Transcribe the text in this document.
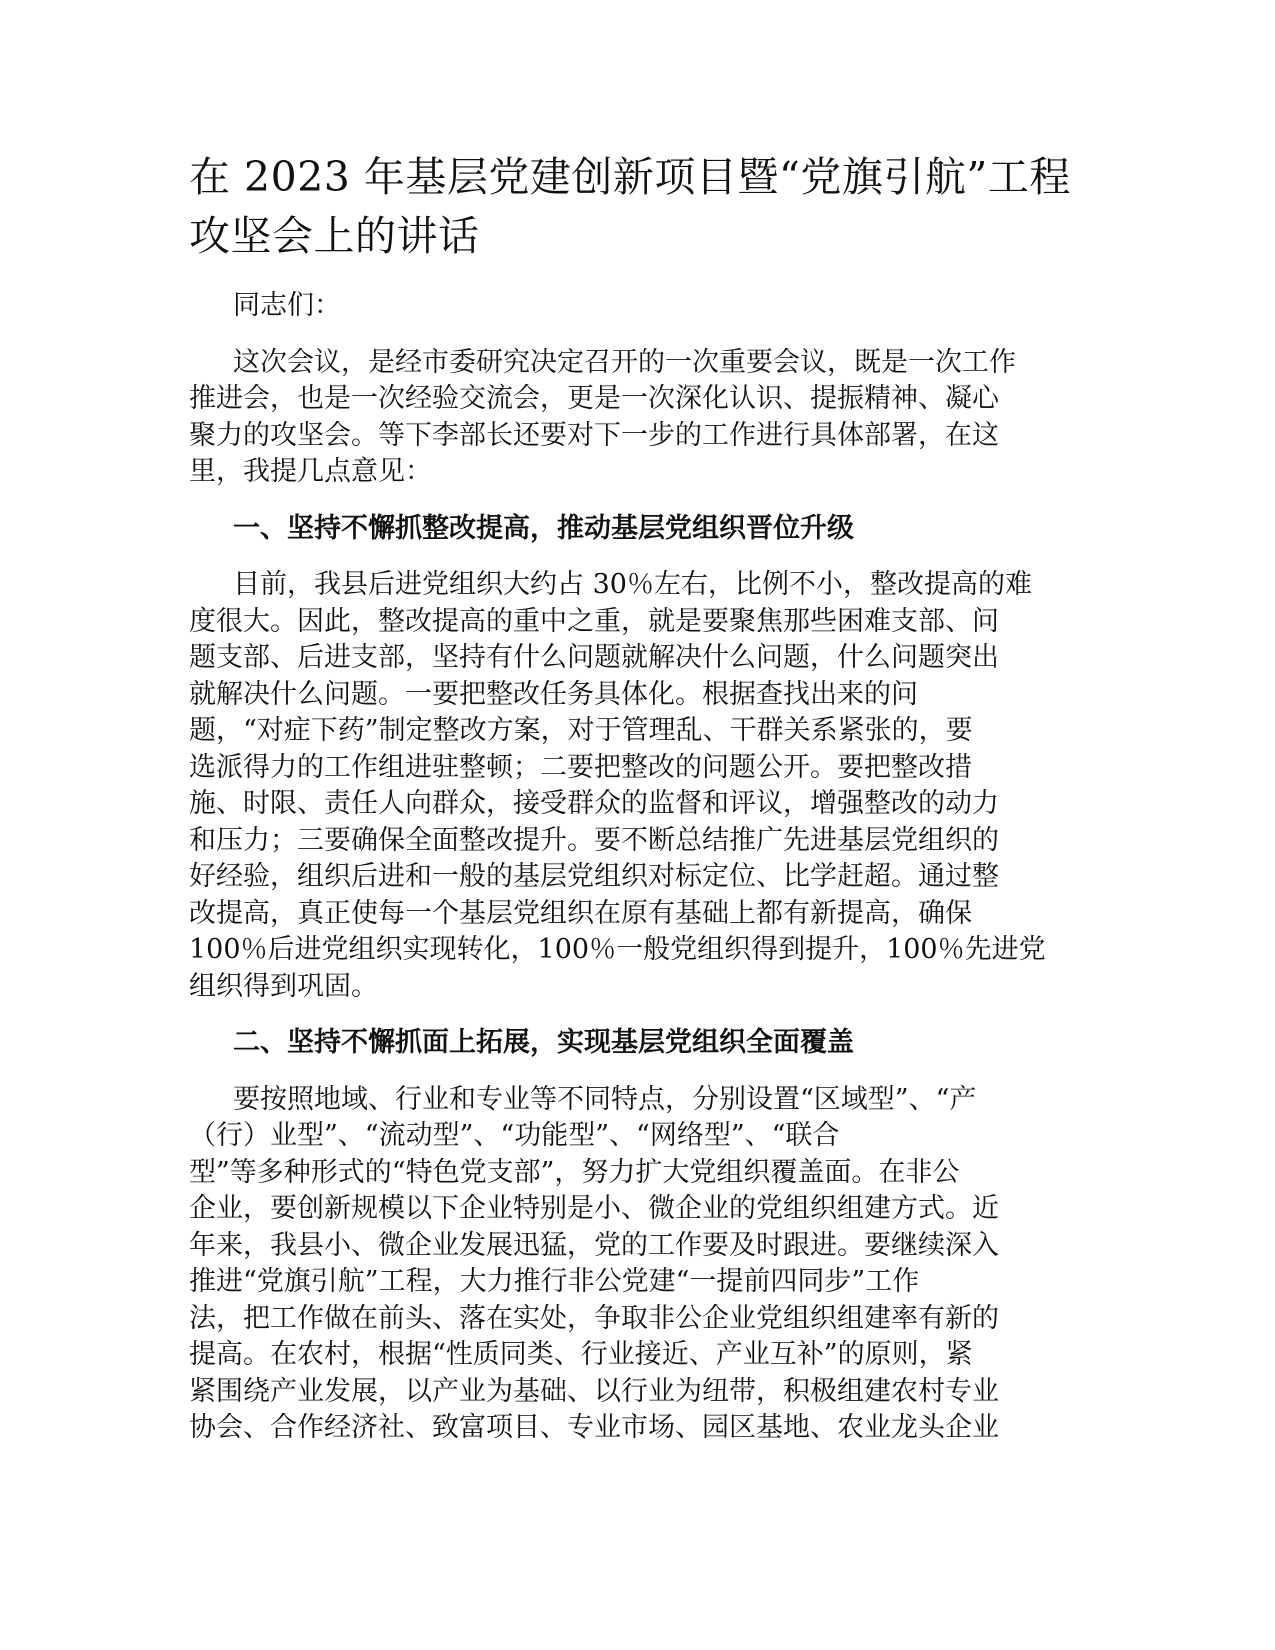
在 2023 年基层党建创新项目暨“党旗引航”工程
攻坚会上的讲话
同志们：
这次会议，是经市委研究决定召开的一次重要会议，既是一次工作
推进会，也是一次经验交流会，更是一次深化认识、提振精神、凝心
聚力的攻坚会。等下李部长还要对下一步的工作进行具体部署，在这
里，我提几点意见：
一、坚持不懈抓整改提高，推动基层党组织晋位升级
目前，我县后进党组织大约占 30％左右，比例不小，整改提高的难
度很大。因此，整改提高的重中之重，就是要聚焦那些困难支部、问
题支部、后进支部，坚持有什么问题就解决什么问题，什么问题突出
就解决什么问题。一要把整改任务具体化。根据查找出来的问
题，“对症下药”制定整改方案，对于管理乱、干群关系紧张的，要
选派得力的工作组进驻整顿；二要把整改的问题公开。要把整改措
施、时限、责任人向群众，接受群众的监督和评议，增强整改的动力
和压力；三要确保全面整改提升。要不断总结推广先进基层党组织的
好经验，组织后进和一般的基层党组织对标定位、比学赶超。通过整
改提高，真正使每一个基层党组织在原有基础上都有新提高，确保
100％后进党组织实现转化，100％一般党组织得到提升，100％先进党
组织得到巩固。
二、坚持不懈抓面上拓展，实现基层党组织全面覆盖
要按照地域、行业和专业等不同特点，分别设置“区域型”、“产
（行）业型”、“流动型”、“功能型”、“网络型”、“联合
型”等多种形式的“特色党支部”，努力扩大党组织覆盖面。在非公
企业，要创新规模以下企业特别是小、微企业的党组织组建方式。近
年来，我县小、微企业发展迅猛，党的工作要及时跟进。要继续深入
推进“党旗引航”工程，大力推行非公党建“一提前四同步”工作
法，把工作做在前头、落在实处，争取非公企业党组织组建率有新的
提高。在农村，根据“性质同类、行业接近、产业互补”的原则，紧
紧围绕产业发展，以产业为基础、以行业为纽带，积极组建农村专业
协会、合作经济社、致富项目、专业市场、园区基地、农业龙头企业
